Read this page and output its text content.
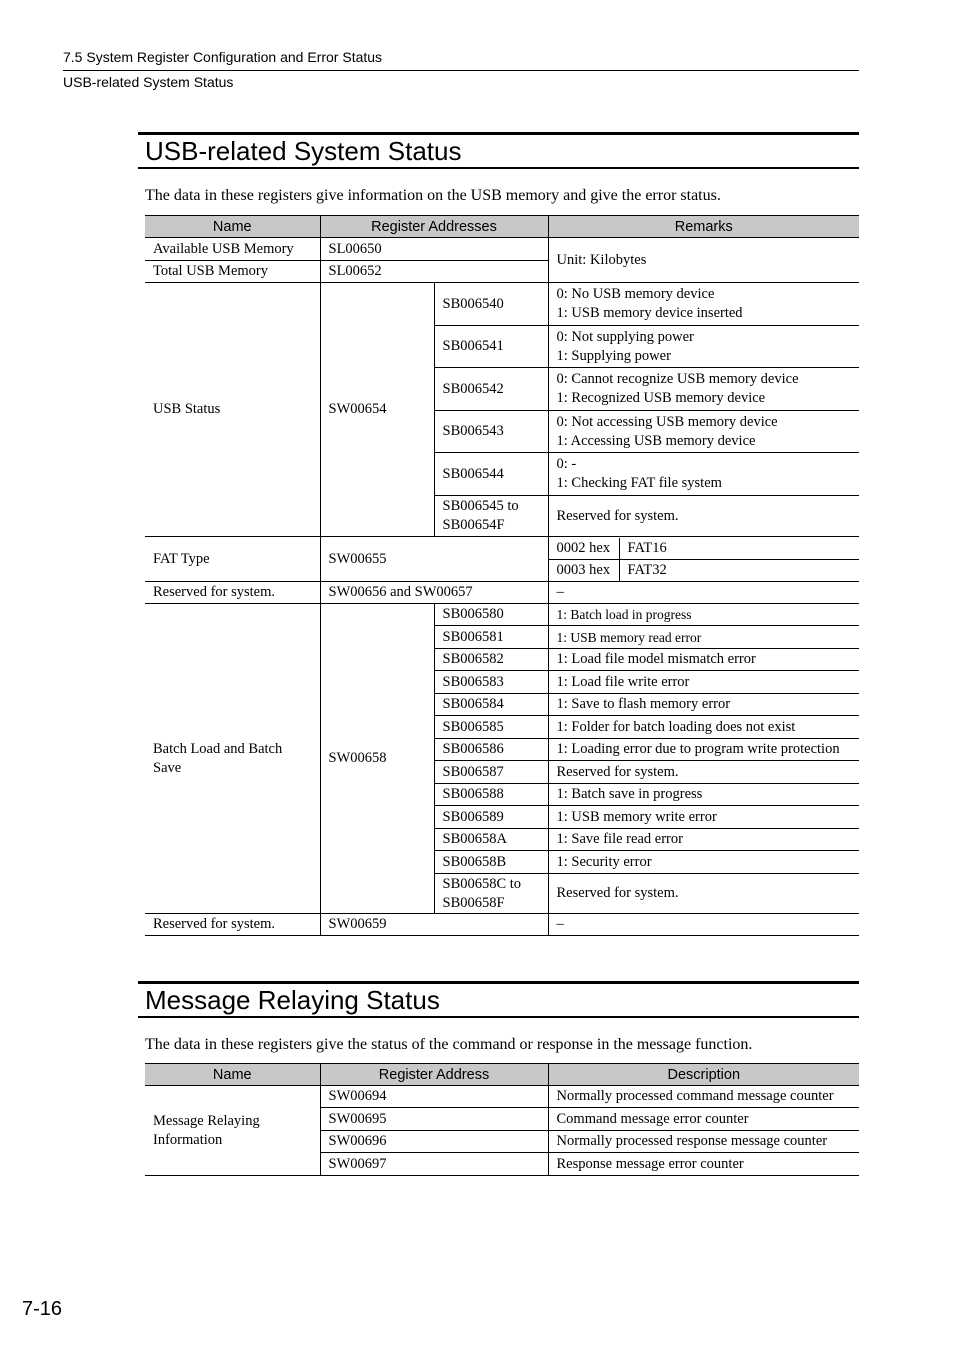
7.5 System Register Configuration and Error Status
USB-related System Status
USB-related System Status
The data in these registers give information on the USB memory and give the error status.
Name	Register Addresses	Remarks
Available USB Memory	SL00650	Unit: Kilobytes
Total USB Memory	SL00652
USB Status	SW00654	SB006540	0: No USB memory device
1: USB memory device inserted
SB006541	0: Not supplying power
1: Supplying power
SB006542	0: Cannot recognize USB memory device
1: Recognized USB memory device
SB006543	0: Not accessing USB memory device
1: Accessing USB memory device
SB006544	0: -
1: Checking FAT file system
SB006545 to
SB00654F	Reserved for system.
FAT Type	SW00655	
0002 hex	FAT16
0003 hex	FAT32

Reserved for system.	SW00656 and SW00657	–
Batch Load and Batch
Save	SW00658	SB006580	1: Batch load in progress
SB006581	1: USB memory read error
SB006582	1: Load file model mismatch error
SB006583	1: Load file write error
SB006584	1: Save to flash memory error
SB006585	1: Folder for batch loading does not exist
SB006586	1: Loading error due to program write protection
SB006587	Reserved for system.
SB006588	1: Batch save in progress
SB006589	1: USB memory write error
SB00658A	1: Save file read error
SB00658B	1: Security error
SB00658C to
SB00658F	Reserved for system.
Reserved for system.	SW00659	–
Message Relaying Status
The data in these registers give the status of the command or response in the message function.
Name	Register Address	Description
Message Relaying
Information	SW00694	Normally processed command message counter
	SW00695	Command message error counter
	SW00696	Normally processed response message counter
	SW00697	Response message error counter
7-16
